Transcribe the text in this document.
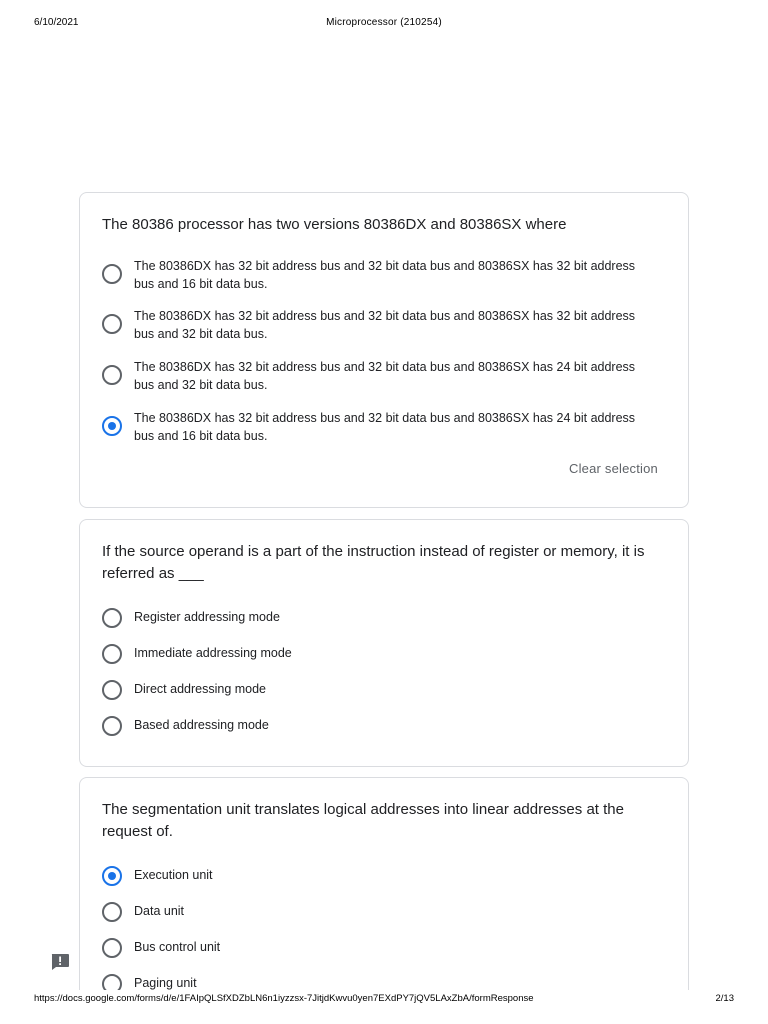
6/10/2021	Microprocessor (210254)
The 80386 processor has two versions 80386DX and 80386SX where
The 80386DX has 32 bit address bus and 32 bit data bus and 80386SX has 32 bit address bus and 16 bit data bus.
The 80386DX has 32 bit address bus and 32 bit data bus and 80386SX has 32 bit address bus and 32 bit data bus.
The 80386DX has 32 bit address bus and 32 bit data bus and 80386SX has 24 bit address bus and 32 bit data bus.
The 80386DX has 32 bit address bus and 32 bit data bus and 80386SX has 24 bit address bus and 16 bit data bus.
Clear selection
If the source operand is a part of the instruction instead of register or memory, it is referred as ___
Register addressing mode
Immediate addressing mode
Direct addressing mode
Based addressing mode
The segmentation unit translates logical addresses into linear addresses at the request of.
Execution unit
Data unit
Bus control unit
Paging unit
https://docs.google.com/forms/d/e/1FAIpQLSfXDZbLN6n1iyzzsx-7JitjdKwvu0yen7EXdPY7jQV5LAxZbA/formResponse	2/13
